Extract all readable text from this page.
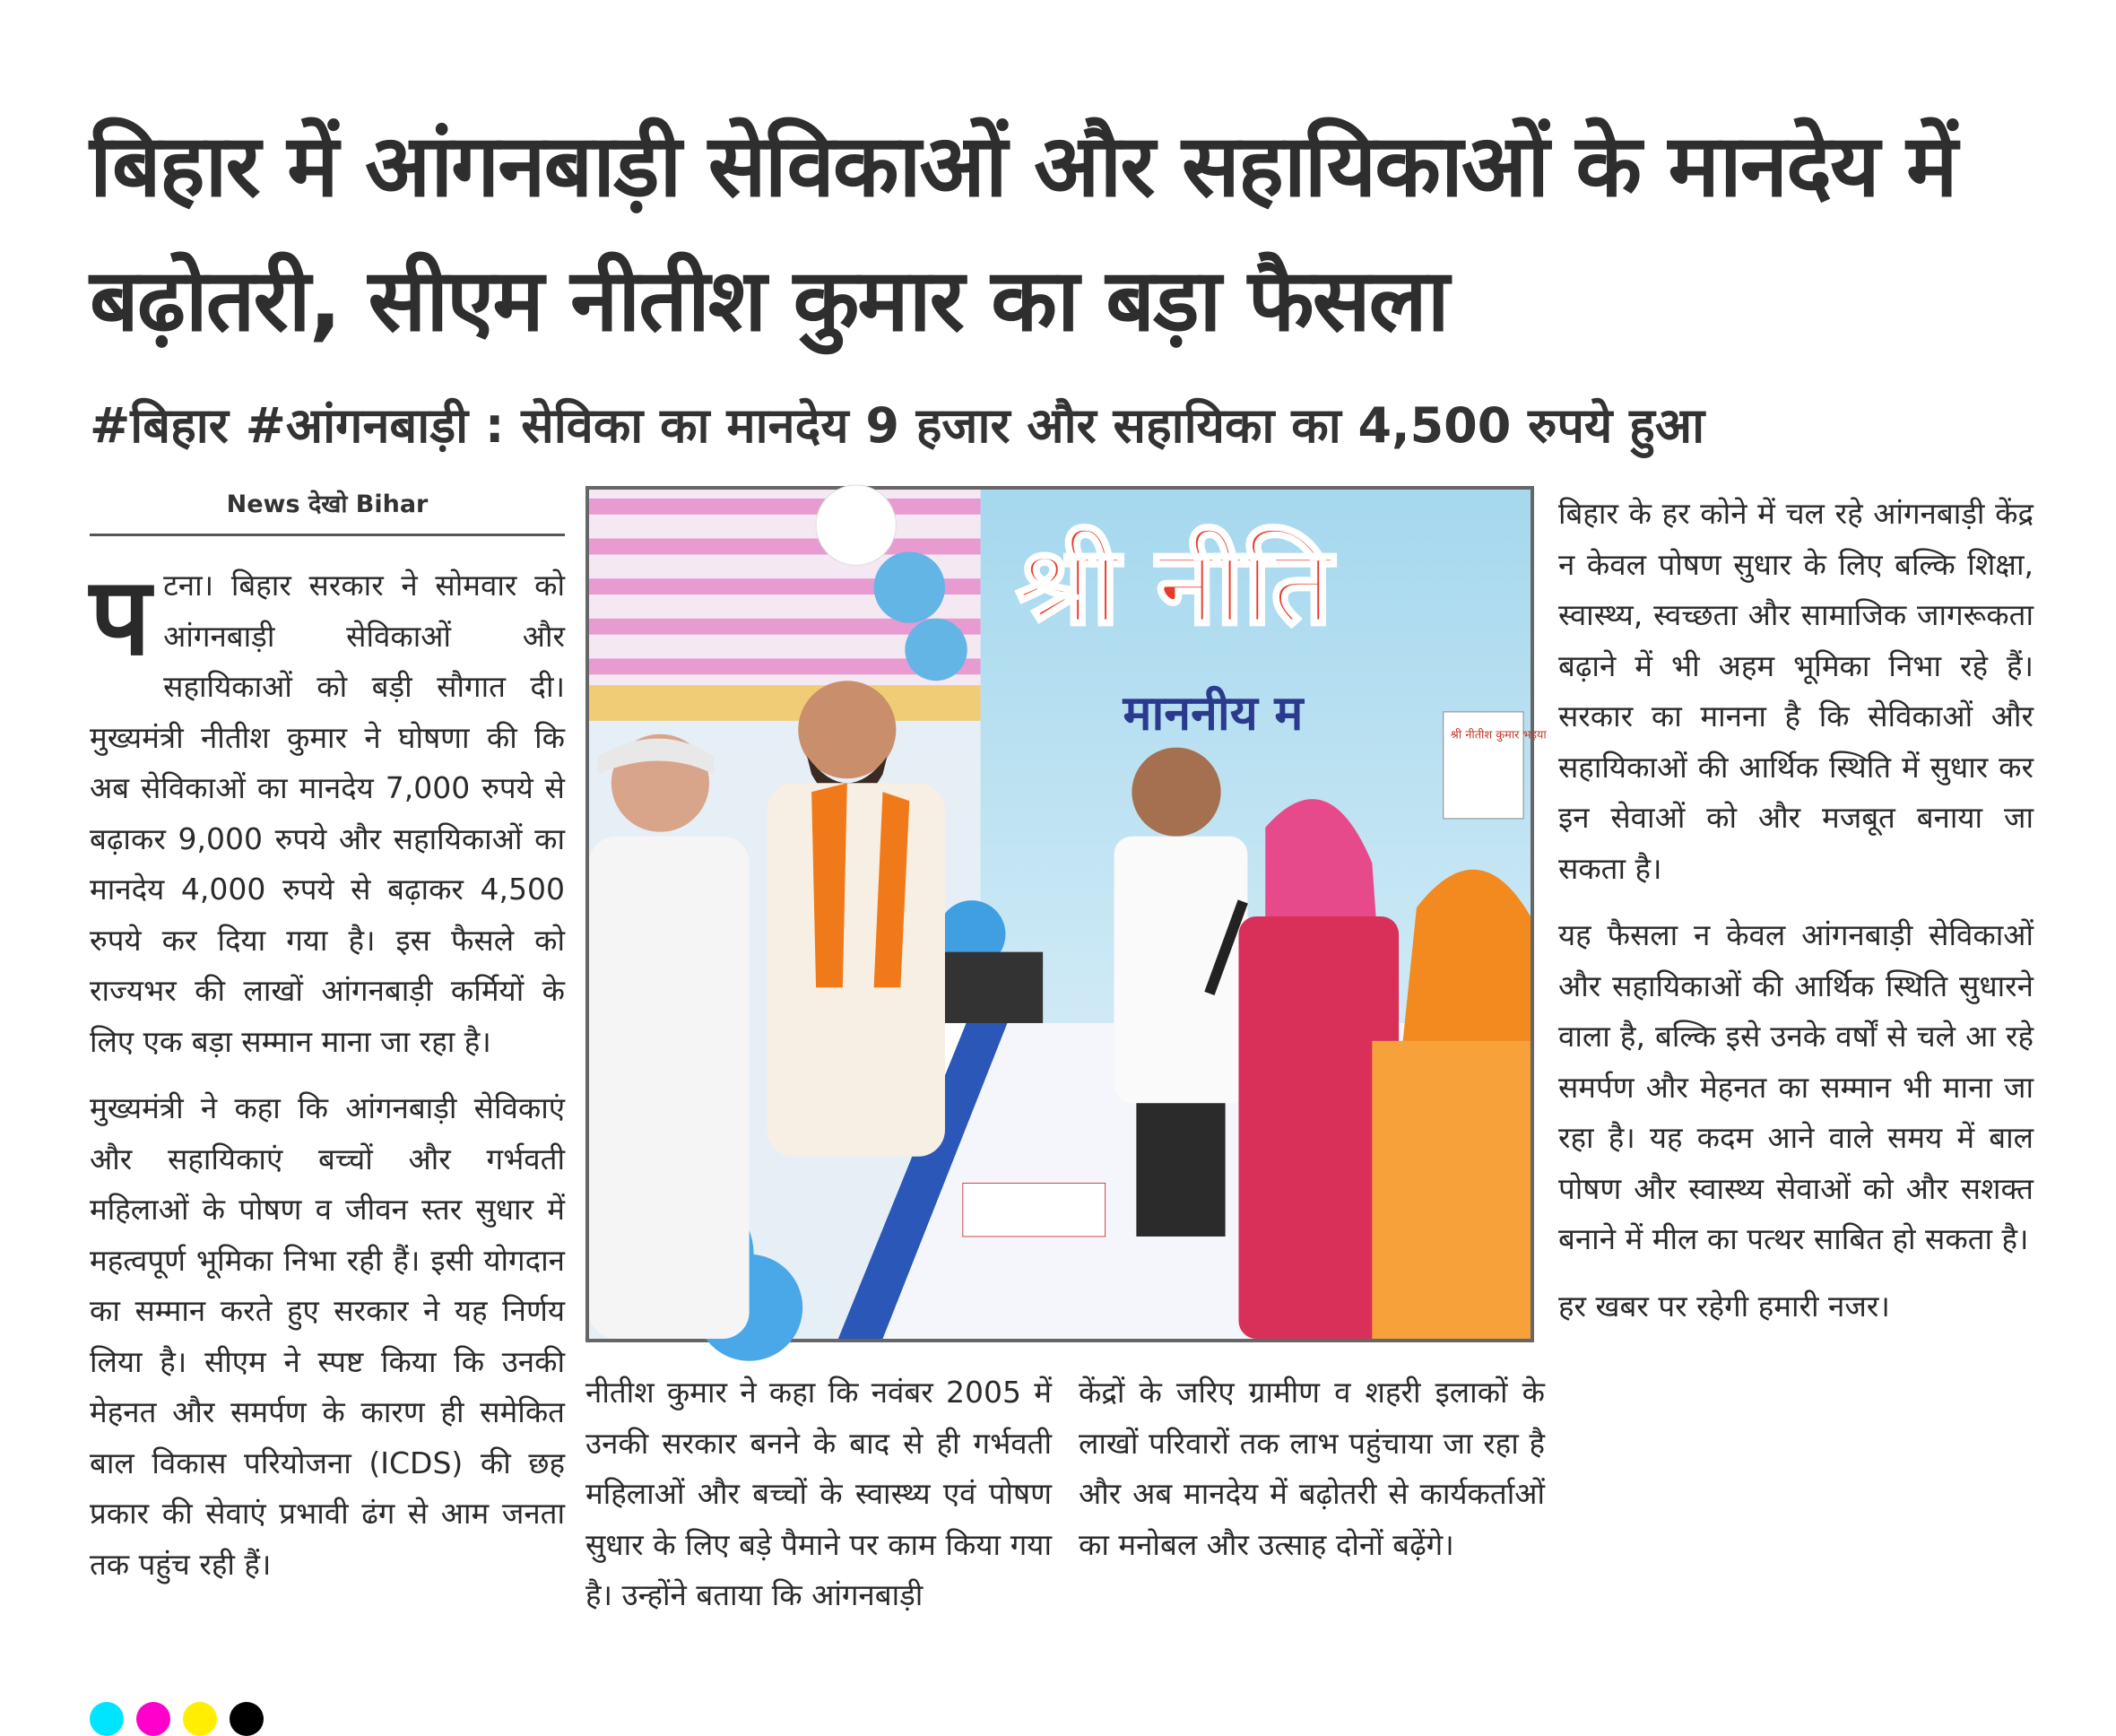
बिहार में आंगनबाड़ी सेविकाओं और सहायिकाओं के मानदेय में बढ़ोतरी, सीएम नीतीश कुमार का बड़ा फैसला
#बिहार #आंगनबाड़ी : सेविका का मानदेय 9 हजार और सहायिका का 4,500 रुपये हुआ
News देखो Bihar

पटना। बिहार सरकार ने सोमवार को आंगनबाड़ी सेविकाओं और सहायिकाओं को बड़ी सौगात दी। मुख्यमंत्री नीतीश कुमार ने घोषणा की कि अब सेविकाओं का मानदेय 7,000 रुपये से बढ़ाकर 9,000 रुपये और सहायिकाओं का मानदेय 4,000 रुपये से बढ़ाकर 4,500 रुपये कर दिया गया है। इस फैसले को राज्यभर की लाखों आंगनबाड़ी कर्मियों के लिए एक बड़ा सम्मान माना जा रहा है।

मुख्यमंत्री ने कहा कि आंगनबाड़ी सेविकाएं और सहायिकाएं बच्चों और गर्भवती महिलाओं के पोषण व जीवन स्तर सुधार में महत्वपूर्ण भूमिका निभा रही हैं। इसी योगदान का सम्मान करते हुए सरकार ने यह निर्णय लिया है। सीएम ने स्पष्ट किया कि उनकी मेहनत और समर्पण के कारण ही समेकित बाल विकास परियोजना (ICDS) की छह प्रकार की सेवाएं प्रभावी ढंग से आम जनता तक पहुंच रही हैं।

श्री नीति
माननीय म	श्री नीतीश कुमार भइया

नीतीश कुमार ने कहा कि नवंबर 2005 में उनकी सरकार बनने के बाद से ही गर्भवती महिलाओं और बच्चों के स्वास्थ्य एवं पोषण सुधार के लिए बड़े पैमाने पर काम किया गया है। उन्होंने बताया कि आंगनबाड़ी

केंद्रों के जरिए ग्रामीण व शहरी इलाकों के लाखों परिवारों तक लाभ पहुंचाया जा रहा है और अब मानदेय में बढ़ोतरी से कार्यकर्ताओं का मनोबल और उत्साह दोनों बढ़ेंगे।

बिहार के हर कोने में चल रहे आंगनबाड़ी केंद्र न केवल पोषण सुधार के लिए बल्कि शिक्षा, स्वास्थ्य, स्वच्छता और सामाजिक जागरूकता बढ़ाने में भी अहम भूमिका निभा रहे हैं। सरकार का मानना है कि सेविकाओं और सहायिकाओं की आर्थिक स्थिति में सुधार कर इन सेवाओं को और मजबूत बनाया जा सकता है।

यह फैसला न केवल आंगनबाड़ी सेविकाओं और सहायिकाओं की आर्थिक स्थिति सुधारने वाला है, बल्कि इसे उनके वर्षों से चले आ रहे समर्पण और मेहनत का सम्मान भी माना जा रहा है। यह कदम आने वाले समय में बाल पोषण और स्वास्थ्य सेवाओं को और सशक्त बनाने में मील का पत्थर साबित हो सकता है।

हर खबर पर रहेगी हमारी नजर।
